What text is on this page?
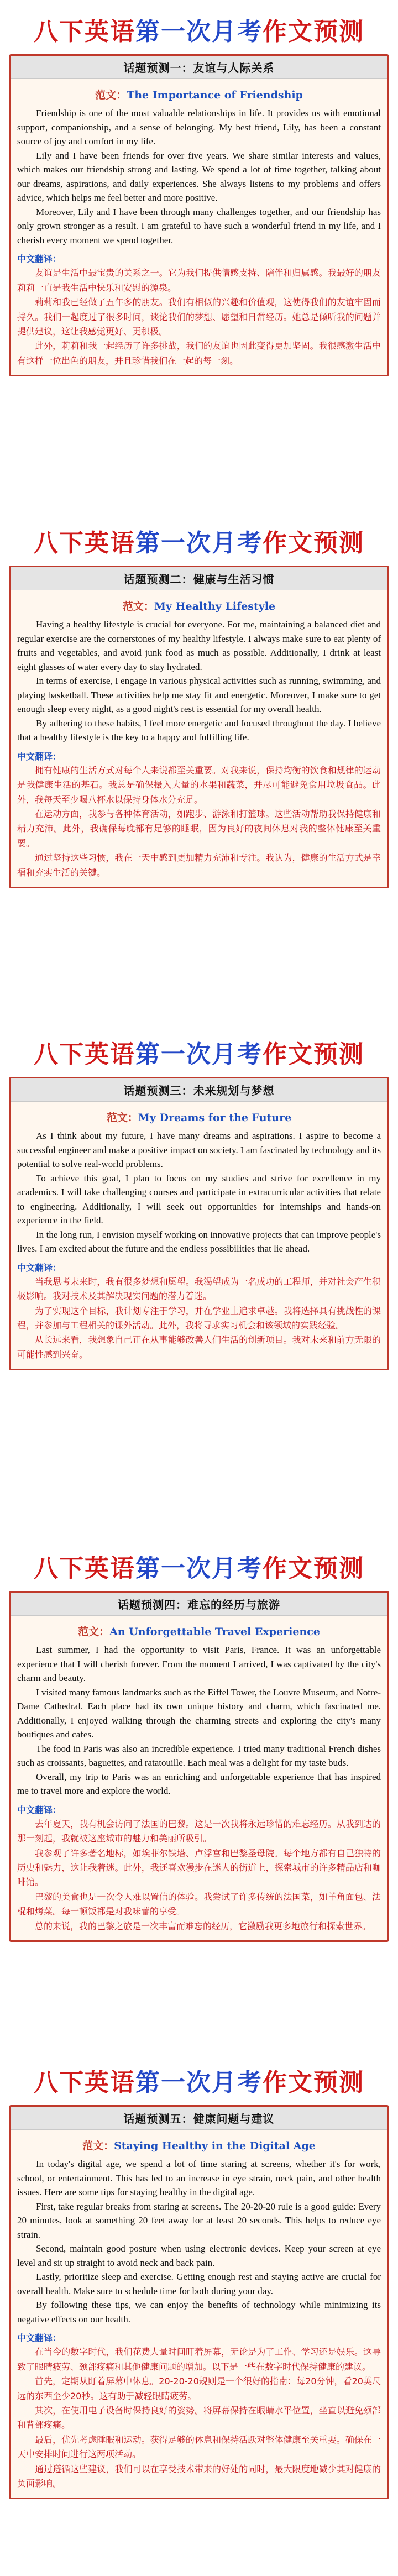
八下英语第一次月考作文预测
话题预测一：友谊与人际关系
范文：The Importance of Friendship

Friendship is one of the most valuable relationships in life. It provides us with emotional support, companionship, and a sense of belonging. My best friend, Lily, has been a constant source of joy and comfort in my life.

Lily and I have been friends for over five years. We share similar interests and values, which makes our friendship strong and lasting. We spend a lot of time together, talking about our dreams, aspirations, and daily experiences. She always listens to my problems and offers advice, which helps me feel better and more positive.

Moreover, Lily and I have been through many challenges together, and our friendship has only grown stronger as a result. I am grateful to have such a wonderful friend in my life, and I cherish every moment we spend together.

中文翻译：

友谊是生活中最宝贵的关系之一。它为我们提供情感支持、陪伴和归属感。我最好的朋友莉莉一直是我生活中快乐和安慰的源泉。

莉莉和我已经做了五年多的朋友。我们有相似的兴趣和价值观，这使得我们的友谊牢固而持久。我们一起度过了很多时间，谈论我们的梦想、愿望和日常经历。她总是倾听我的问题并提供建议，这让我感觉更好、更积极。

此外，莉莉和我一起经历了许多挑战，我们的友谊也因此变得更加坚固。我很感激生活中有这样一位出色的朋友，并且珍惜我们在一起的每一刻。

八下英语第一次月考作文预测
话题预测二：健康与生活习惯
范文：My Healthy Lifestyle

Having a healthy lifestyle is crucial for everyone. For me, maintaining a balanced diet and regular exercise are the cornerstones of my healthy lifestyle. I always make sure to eat plenty of fruits and vegetables, and avoid junk food as much as possible. Additionally, I drink at least eight glasses of water every day to stay hydrated.

In terms of exercise, I engage in various physical activities such as running, swimming, and playing basketball. These activities help me stay fit and energetic. Moreover, I make sure to get enough sleep every night, as a good night's rest is essential for my overall health.

By adhering to these habits, I feel more energetic and focused throughout the day. I believe that a healthy lifestyle is the key to a happy and fulfilling life.

中文翻译：

拥有健康的生活方式对每个人来说都至关重要。对我来说，保持均衡的饮食和规律的运动是我健康生活的基石。我总是确保摄入大量的水果和蔬菜，并尽可能避免食用垃圾食品。此外，我每天至少喝八杯水以保持身体水分充足。

在运动方面，我参与各种体育活动，如跑步、游泳和打篮球。这些活动帮助我保持健康和精力充沛。此外，我确保每晚都有足够的睡眠，因为良好的夜间休息对我的整体健康至关重要。

通过坚持这些习惯，我在一天中感到更加精力充沛和专注。我认为，健康的生活方式是幸福和充实生活的关键。

八下英语第一次月考作文预测
话题预测三：未来规划与梦想
范文：My Dreams for the Future

As I think about my future, I have many dreams and aspirations. I aspire to become a successful engineer and make a positive impact on society. I am fascinated by technology and its potential to solve real-world problems.

To achieve this goal, I plan to focus on my studies and strive for excellence in my academics. I will take challenging courses and participate in extracurricular activities that relate to engineering. Additionally, I will seek out opportunities for internships and hands-on experience in the field.

In the long run, I envision myself working on innovative projects that can improve people's lives. I am excited about the future and the endless possibilities that lie ahead.

中文翻译：

当我思考未来时，我有很多梦想和愿望。我渴望成为一名成功的工程师，并对社会产生积极影响。我对技术及其解决现实问题的潜力着迷。

为了实现这个目标，我计划专注于学习，并在学业上追求卓越。我将选择具有挑战性的课程，并参加与工程相关的课外活动。此外，我将寻求实习机会和该领域的实践经验。

从长远来看，我想象自己正在从事能够改善人们生活的创新项目。我对未来和前方无限的可能性感到兴奋。

八下英语第一次月考作文预测
话题预测四：难忘的经历与旅游
范文：An Unforgettable Travel Experience

Last summer, I had the opportunity to visit Paris, France. It was an unforgettable experience that I will cherish forever. From the moment I arrived, I was captivated by the city's charm and beauty.

I visited many famous landmarks such as the Eiffel Tower, the Louvre Museum, and Notre-Dame Cathedral. Each place had its own unique history and charm, which fascinated me. Additionally, I enjoyed walking through the charming streets and exploring the city's many boutiques and cafes.

The food in Paris was also an incredible experience. I tried many traditional French dishes such as croissants, baguettes, and ratatouille. Each meal was a delight for my taste buds.

Overall, my trip to Paris was an enriching and unforgettable experience that has inspired me to travel more and explore the world.

中文翻译：

去年夏天，我有机会访问了法国的巴黎。这是一次我将永远珍惜的难忘经历。从我到达的那一刻起，我就被这座城市的魅力和美丽所吸引。

我参观了许多著名地标，如埃菲尔铁塔、卢浮宫和巴黎圣母院。每个地方都有自己独特的历史和魅力，这让我着迷。此外，我还喜欢漫步在迷人的街道上，探索城市的许多精品店和咖啡馆。

巴黎的美食也是一次令人难以置信的体验。我尝试了许多传统的法国菜，如羊角面包、法棍和烤菜。每一顿饭都是对我味蕾的享受。

总的来说，我的巴黎之旅是一次丰富而难忘的经历，它激励我更多地旅行和探索世界。

八下英语第一次月考作文预测
话题预测五：健康问题与建议
范文：Staying Healthy in the Digital Age

In today's digital age, we spend a lot of time staring at screens, whether it's for work, school, or entertainment. This has led to an increase in eye strain, neck pain, and other health issues. Here are some tips for staying healthy in the digital age.

First, take regular breaks from staring at screens. The 20-20-20 rule is a good guide: Every 20 minutes, look at something 20 feet away for at least 20 seconds. This helps to reduce eye strain.

Second, maintain good posture when using electronic devices. Keep your screen at eye level and sit up straight to avoid neck and back pain.

Lastly, prioritize sleep and exercise. Getting enough rest and staying active are crucial for overall health. Make sure to schedule time for both during your day.

By following these tips, we can enjoy the benefits of technology while minimizing its negative effects on our health.

中文翻译：

在当今的数字时代，我们花费大量时间盯着屏幕，无论是为了工作、学习还是娱乐。这导致了眼睛疲劳、颈部疼痛和其他健康问题的增加。以下是一些在数字时代保持健康的建议。

首先，定期从盯着屏幕中休息。20-20-20规则是一个很好的指南：每20分钟，看20英尺远的东西至少20秒。这有助于减轻眼睛疲劳。

其次，在使用电子设备时保持良好的姿势。将屏幕保持在眼睛水平位置，坐直以避免颈部和背部疼痛。

最后，优先考虑睡眠和运动。获得足够的休息和保持活跃对整体健康至关重要。确保在一天中安排时间进行这两项活动。

通过遵循这些建议，我们可以在享受技术带来的好处的同时，最大限度地减少其对健康的负面影响。
